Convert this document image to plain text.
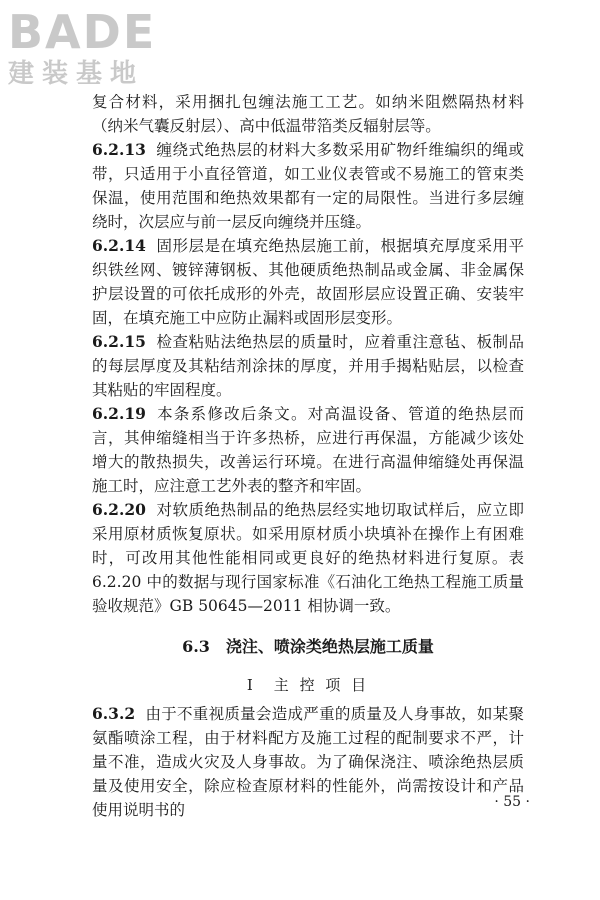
BADE
建装基地

复合材料，采用捆扎包缠法施工工艺。如纳米阻燃隔热材料（纳米气囊反射层）、高中低温带箔类反辐射层等。

6.2.13 缠绕式绝热层的材料大多数采用矿物纤维编织的绳或带，只适用于小直径管道，如工业仪表管或不易施工的管束类保温，使用范围和绝热效果都有一定的局限性。当进行多层缠绕时，次层应与前一层反向缠绕并压缝。

6.2.14 固形层是在填充绝热层施工前，根据填充厚度采用平织铁丝网、镀锌薄钢板、其他硬质绝热制品或金属、非金属保护层设置的可依托成形的外壳，故固形层应设置正确、安装牢固，在填充施工中应防止漏料或固形层变形。

6.2.15 检查粘贴法绝热层的质量时，应着重注意毡、板制品的每层厚度及其粘结剂涂抹的厚度，并用手揭粘贴层，以检查其粘贴的牢固程度。

6.2.19 本条系修改后条文。对高温设备、管道的绝热层而言，其伸缩缝相当于许多热桥，应进行再保温，方能减少该处增大的散热损失，改善运行环境。在进行高温伸缩缝处再保温施工时，应注意工艺外表的整齐和牢固。

6.2.20 对软质绝热制品的绝热层经实地切取试样后，应立即采用原材质恢复原状。如采用原材质小块填补在操作上有困难时，可改用其他性能相同或更良好的绝热材料进行复原。表 6.2.20 中的数据与现行国家标准《石油化工绝热工程施工质量验收规范》GB 50645—2011 相协调一致。

6.3　浇注、喷涂类绝热层施工质量
Ⅰ　主 控 项 目

6.3.2 由于不重视质量会造成严重的质量及人身事故，如某聚氨酯喷涂工程，由于材料配方及施工过程的配制要求不严，计量不准，造成火灾及人身事故。为了确保浇注、喷涂绝热层质量及使用安全，除应检查原材料的性能外，尚需按设计和产品使用说明书的	· 55 ·
